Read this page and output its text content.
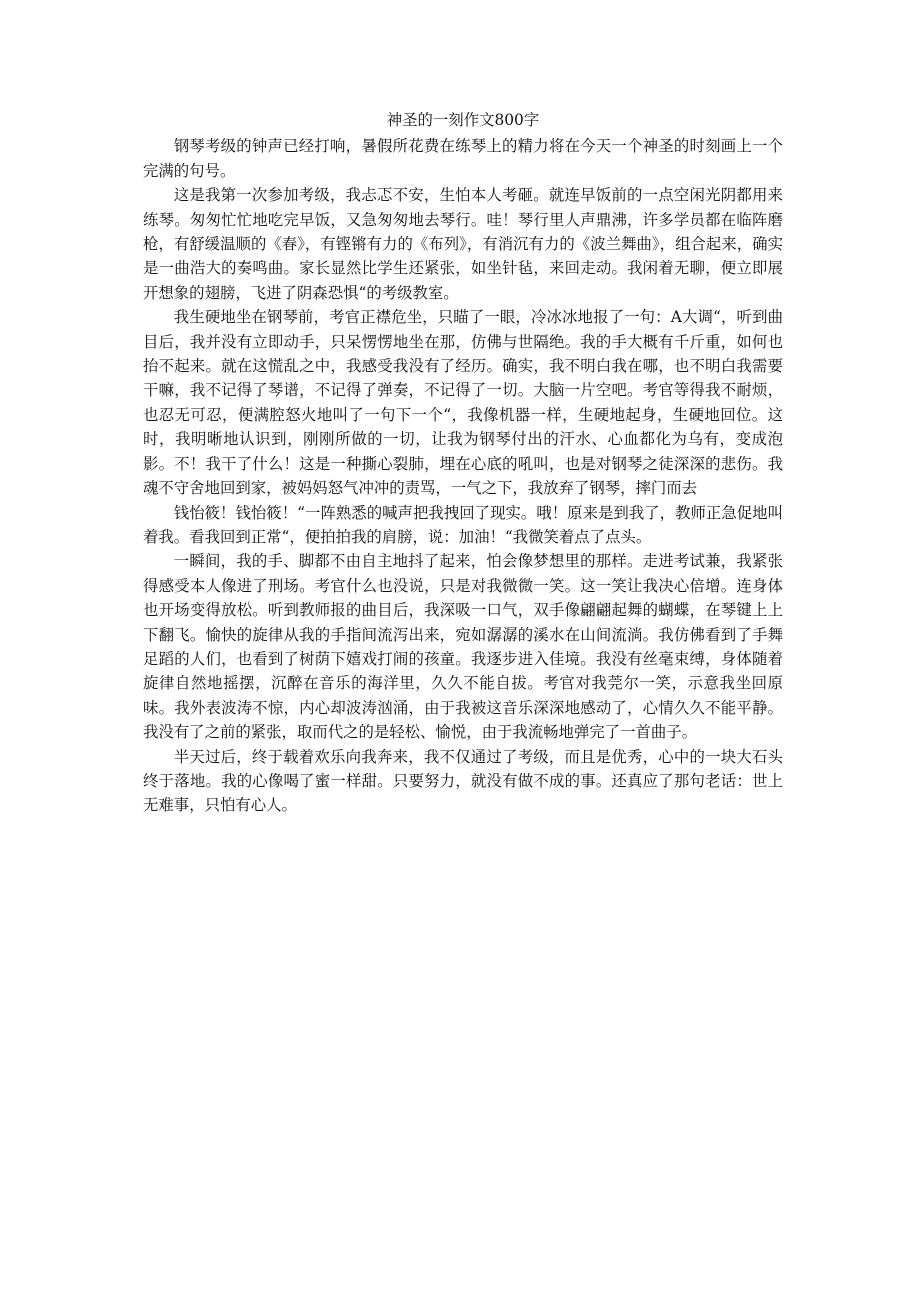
神圣的一刻作文800字

钢琴考级的钟声已经打响，暑假所花费在练琴上的精力将在今天一个神圣的时刻画上一个完满的句号。

这是我第一次参加考级，我忐忑不安，生怕本人考砸。就连早饭前的一点空闲光阴都用来练琴。匆匆忙忙地吃完早饭，又急匆匆地去琴行。哇！琴行里人声鼎沸，许多学员都在临阵磨枪，有舒缓温顺的《春》，有铿锵有力的《布列》，有消沉有力的《波兰舞曲》，组合起来，确实是一曲浩大的奏鸣曲。家长显然比学生还紧张，如坐针毡，来回走动。我闲着无聊，便立即展开想象的翅膀，飞进了阴森恐惧“的考级教室。

我生硬地坐在钢琴前，考官正襟危坐，只瞄了一眼，冷冰冰地报了一句：A大调“，听到曲目后，我并没有立即动手，只呆愣愣地坐在那，仿佛与世隔绝。我的手大概有千斤重，如何也抬不起来。就在这慌乱之中，我感受我没有了经历。确实，我不明白我在哪，也不明白我需要干嘛，我不记得了琴谱，不记得了弹奏，不记得了一切。大脑一片空吧。考官等得我不耐烦，也忍无可忍，便满腔怒火地叫了一句下一个“，我像机器一样，生硬地起身，生硬地回位。这时，我明晰地认识到，刚刚所做的一切，让我为钢琴付出的汗水、心血都化为乌有，变成泡影。不！我干了什么！这是一种撕心裂肺，埋在心底的吼叫，也是对钢琴之徒深深的悲伤。我魂不守舍地回到家，被妈妈怒气冲冲的责骂，一气之下，我放弃了钢琴，摔门而去

钱怡筱！钱怡筱！“一阵熟悉的喊声把我拽回了现实。哦！原来是到我了，教师正急促地叫着我。看我回到正常“，便拍拍我的肩膀，说：加油！“我微笑着点了点头。

一瞬间，我的手、脚都不由自主地抖了起来，怕会像梦想里的那样。走进考试兼，我紧张得感受本人像进了刑场。考官什么也没说，只是对我微微一笑。这一笑让我决心倍增。连身体也开场变得放松。听到教师报的曲目后，我深吸一口气，双手像翩翩起舞的蝴蝶，在琴键上上下翻飞。愉快的旋律从我的手指间流泻出来，宛如潺潺的溪水在山间流淌。我仿佛看到了手舞足蹈的人们，也看到了树荫下嬉戏打闹的孩童。我逐步进入佳境。我没有丝毫束缚，身体随着旋律自然地摇摆，沉醉在音乐的海洋里，久久不能自拔。考官对我莞尔一笑，示意我坐回原味。我外表波涛不惊，内心却波涛汹涌，由于我被这音乐深深地感动了，心情久久不能平静。我没有了之前的紧张，取而代之的是轻松、愉悦，由于我流畅地弹完了一首曲子。

半天过后，终于载着欢乐向我奔来，我不仅通过了考级，而且是优秀，心中的一块大石头终于落地。我的心像喝了蜜一样甜。只要努力，就没有做不成的事。还真应了那句老话：世上无难事，只怕有心人。
